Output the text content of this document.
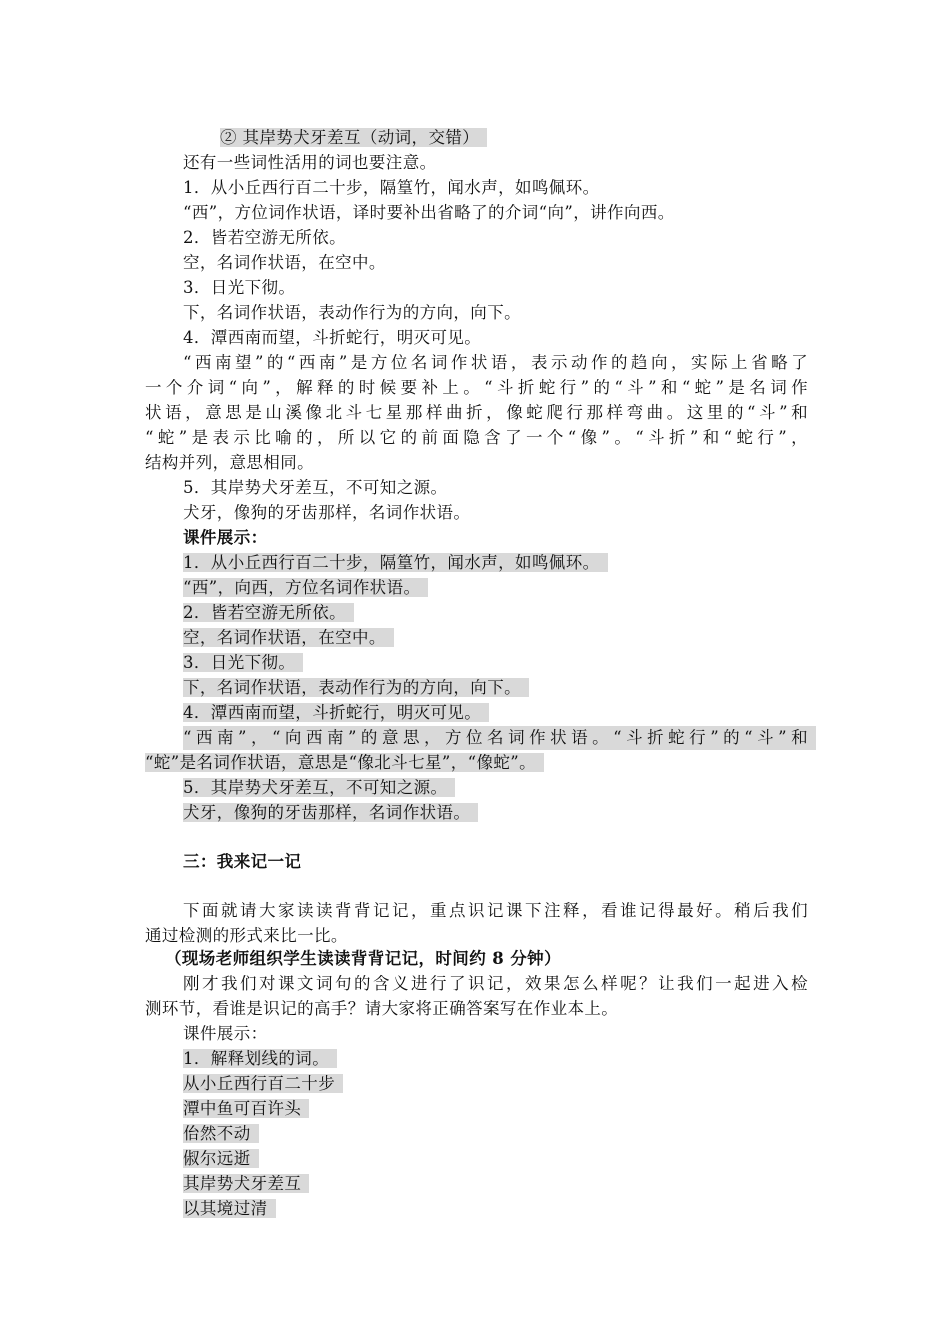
② 其岸势犬牙差互（动词，交错）
还有一些词性活用的词也要注意。
1．从小丘西行百二十步，隔篁竹，闻水声，如鸣佩环。
“西”，方位词作状语，译时要补出省略了的介词“向”，讲作向西。
2．皆若空游无所依。
空，名词作状语，在空中。
3．日光下彻。
下，名词作状语，表动作行为的方向，向下。
4．潭西南而望，斗折蛇行，明灭可见。
“西南望”的“西南”是方位名词作状语，表示动作的趋向，实际上省略了
一个介词“向”，解释的时候要补上。“斗折蛇行”的“斗”和“蛇”是名词作
状语，意思是山溪像北斗七星那样曲折，像蛇爬行那样弯曲。这里的“斗”和
“蛇”是表示比喻的，所以它的前面隐含了一个“像”。“斗折”和“蛇行”，
结构并列，意思相同。
5．其岸势犬牙差互，不可知之源。
犬牙，像狗的牙齿那样，名词作状语。
课件展示：
1．从小丘西行百二十步，隔篁竹，闻水声，如鸣佩环。
“西”，向西，方位名词作状语。
2．皆若空游无所依。
空，名词作状语，在空中。
3．日光下彻。
下，名词作状语，表动作行为的方向，向下。
4．潭西南而望，斗折蛇行，明灭可见。
“西南”，“向西南”的意思，方位名词作状语。“斗折蛇行”的“斗”和
“蛇”是名词作状语，意思是“像北斗七星”，“像蛇”。
5．其岸势犬牙差互，不可知之源。
犬牙，像狗的牙齿那样，名词作状语。
三：我来记一记
下面就请大家读读背背记记，重点识记课下注释，看谁记得最好。稍后我们
通过检测的形式来比一比。
（现场老师组织学生读读背背记记，时间约 8 分钟）
刚才我们对课文词句的含义进行了识记，效果怎么样呢？让我们一起进入检
测环节，看谁是识记的高手？请大家将正确答案写在作业本上。
课件展示：
1．解释划线的词。
从小丘西行百二十步
潭中鱼可百许头
佁然不动
俶尔远逝
其岸势犬牙差互
以其境过清
